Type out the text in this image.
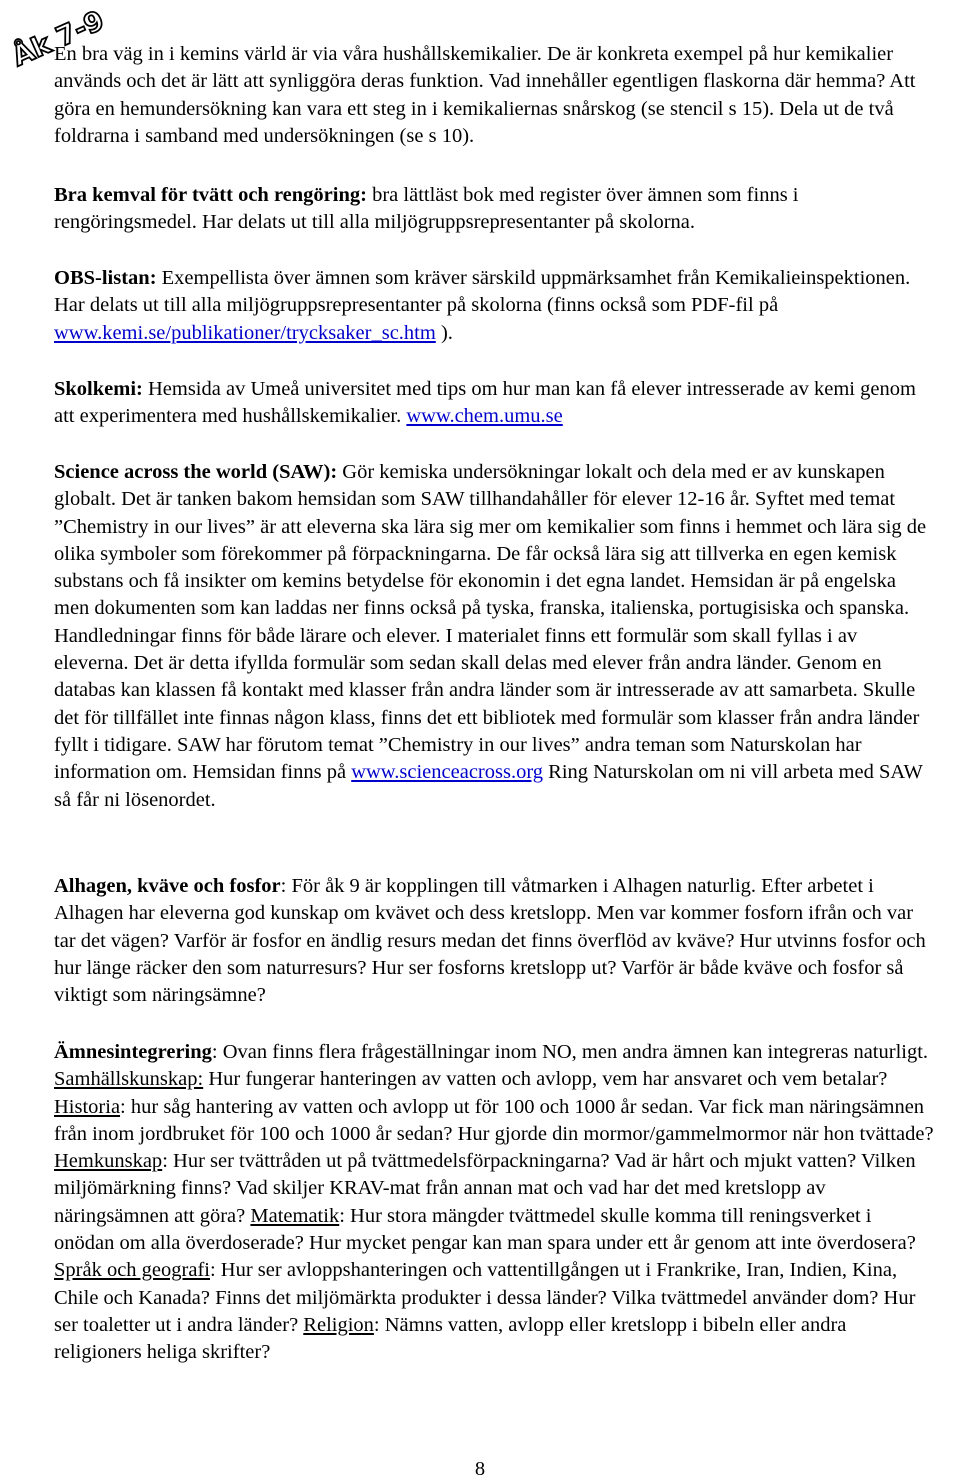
Åk 7-9

En bra väg in i kemins värld är via våra hushållskemikalier. De är konkreta exempel på hur kemikalier används och det är lätt att synliggöra deras funktion. Vad innehåller egentligen flaskorna där hemma? Att göra en hemundersökning kan vara ett steg in i kemikaliernas snårskog (se stencil s 15). Dela ut de två foldrarna i samband med undersökningen (se s 10).

Bra kemval för tvätt och rengöring: bra lättläst bok med register över ämnen som finns i rengöringsmedel. Har delats ut till alla miljögruppsrepresentanter på skolorna.

OBS-listan: Exempellista över ämnen som kräver särskild uppmärksamhet från Kemikalieinspektionen. Har delats ut till alla miljögruppsrepresentanter på skolorna (finns också som PDF-fil på www.kemi.se/publikationer/trycksaker_sc.htm ).

Skolkemi: Hemsida av Umeå universitet med tips om hur man kan få elever intresserade av kemi genom att experimentera med hushållskemikalier. www.chem.umu.se

Science across the world (SAW): Gör kemiska undersökningar lokalt och dela med er av kunskapen globalt. Det är tanken bakom hemsidan som SAW tillhandahåller för elever 12-16 år. Syftet med temat ”Chemistry in our lives” är att eleverna ska lära sig mer om kemikalier som finns i hemmet och lära sig de olika symboler som förekommer på förpackningarna. De får också lära sig att tillverka en egen kemisk substans och få insikter om kemins betydelse för ekonomin i det egna landet. Hemsidan är på engelska men dokumenten som kan laddas ner finns också på tyska, franska, italienska, portugisiska och spanska. Handledningar finns för både lärare och elever. I materialet finns ett formulär som skall fyllas i av eleverna. Det är detta ifyllda formulär som sedan skall delas med elever från andra länder. Genom en databas kan klassen få kontakt med klasser från andra länder som är intresserade av att samarbeta. Skulle det för tillfället inte finnas någon klass, finns det ett bibliotek med formulär som klasser från andra länder fyllt i tidigare. SAW har förutom temat ”Chemistry in our lives” andra teman som Naturskolan har information om. Hemsidan finns på www.scienceacross.org Ring Naturskolan om ni vill arbeta med SAW så får ni lösenordet.

Alhagen, kväve och fosfor: För åk 9 är kopplingen till våtmarken i Alhagen naturlig. Efter arbetet i Alhagen har eleverna god kunskap om kvävet och dess kretslopp. Men var kommer fosforn ifrån och var tar det vägen? Varför är fosfor en ändlig resurs medan det finns överflöd av kväve? Hur utvinns fosfor och hur länge räcker den som naturresurs? Hur ser fosforns kretslopp ut? Varför är både kväve och fosfor så viktigt som näringsämne?

Ämnesintegrering: Ovan finns flera frågeställningar inom NO, men andra ämnen kan integreras naturligt. Samhällskunskap: Hur fungerar hanteringen av vatten och avlopp, vem har ansvaret och vem betalar? Historia: hur såg hantering av vatten och avlopp ut för 100 och 1000 år sedan. Var fick man näringsämnen från inom jordbruket för 100 och 1000 år sedan? Hur gjorde din mormor/gammelmormor när hon tvättade? Hemkunskap: Hur ser tvättråden ut på tvättmedelsförpackningarna? Vad är hårt och mjukt vatten? Vilken miljömärkning finns? Vad skiljer KRAV-mat från annan mat och vad har det med kretslopp av näringsämnen att göra? Matematik: Hur stora mängder tvättmedel skulle komma till reningsverket i onödan om alla överdoserade? Hur mycket pengar kan man spara under ett år genom att inte överdosera? Språk och geografi: Hur ser avloppshanteringen och vattentillgången ut i Frankrike, Iran, Indien, Kina, Chile och Kanada? Finns det miljömärkta produkter i dessa länder? Vilka tvättmedel använder dom? Hur ser toaletter ut i andra länder? Religion: Nämns vatten, avlopp eller kretslopp i bibeln eller andra religioners heliga skrifter?

8
